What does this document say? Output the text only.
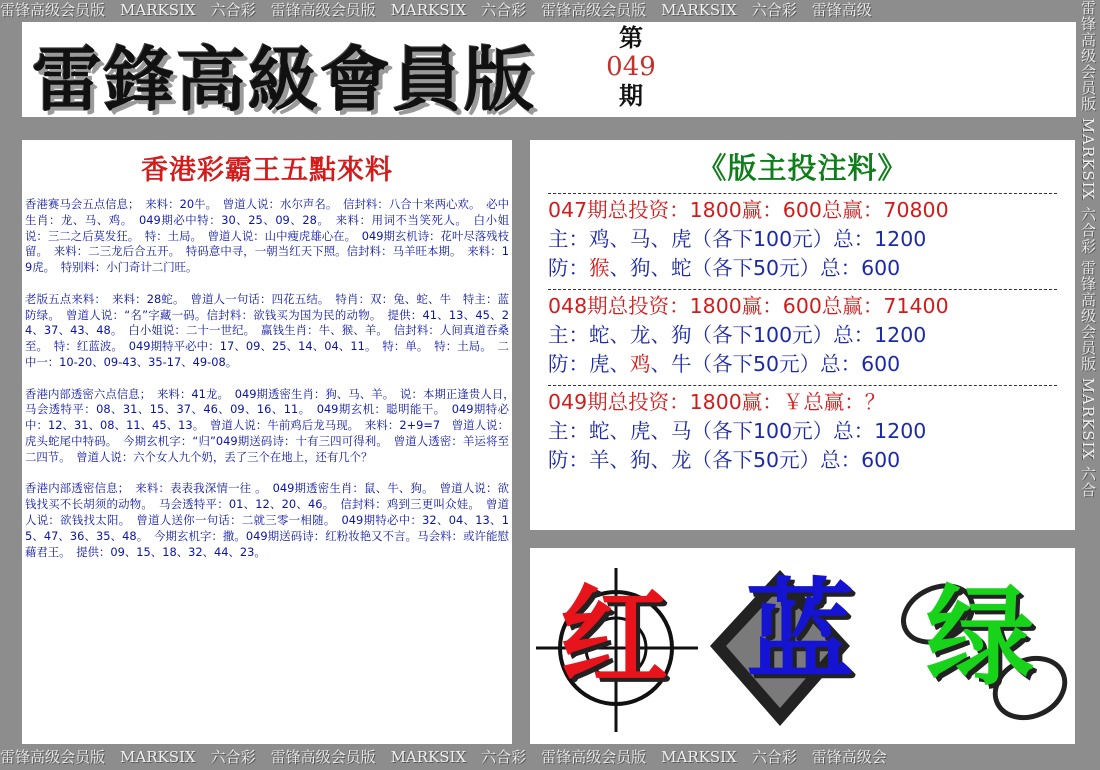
雷锋高级会员版　MARKSIX　六合彩　雷锋高级会员版　MARKSIX　六合彩　雷锋高级会员版　MARKSIX　六合彩　雷锋高级
雷锋高级会员版　MARKSIX　六合彩　雷锋高级会员版　MARKSIX　六合彩　雷锋高级会员版　MARKSIX　六合彩　雷锋高级会
雷锋高级会员版 MARKSIX 六合彩 雷锋高级会员版 MARKSIX 六合
雷鋒高級會員版
第
049
期
香港彩霸王五點來料

香港赛马会五点信息；　来料：20牛。　曾道人说：水尔声名。　信封料：八合十来两心欢。　必中生肖：龙、马、鸡。　049期必中特：30、25、09、28。　来料：用词不当笑死人。　白小姐说：三二之后莫发狂。　特：土局。　曾道人说：山中瘦虎雄心在。　049期玄机诗：花叶尽落残枝留。　来料：二三龙后合五开。　特码意中寻，一朝当红天下照。信封料：马羊旺本期。　来料：19虎。　特别料：小门奇计二门旺。

老版五点来料：　来料：28蛇。　曾道人一句话：四花五结。　特肖：双：兔、蛇、牛　特主：蓝防绿。　曾道人说：“名”字藏一码。信封料：欲钱买为国为民的动物。　提供：41、13、45、24、37、43、48。　白小姐说：二十一世纪。　赢钱生肖：牛、猴、羊。　信封料：人间真道吞桑至。　特：红蓝波。　049期特平必中：17、09、25、14、04、11。　特：单。　特：土局。　二中一：10-20、09-43、35-17、49-08。

香港内部透密六点信息；　来料：41龙。　049期透密生肖：狗、马、羊。　说：本期正逢贵人日，　马会透特平：08、31、15、37、46、09、16、11。　049期玄机：聪明能干。　049期特必中：12、31、08、11、45、13。　曾道人说：牛前鸡后龙马现。　来料：2+9=7　曾道人说：虎头蛇尾中特码。　今期玄机字：“归”049期送码诗：十有三四可得利。　曾道人透密：羊运将至二四节。　曾道人说：六个女人九个奶，丢了三个在地上，还有几个？

香港内部透密信息；　来料：表表我深情一往 。　049期透密生肖：鼠、牛、狗。　曾道人说：欲钱找买不长胡须的动物。　马会透特平：01、12、20、46。　信封料：鸡到三更叫众娃。　曾道人说：欲钱找太阳。　曾道人送你一句话：二就三零一相随。　049期特必中：32、04、13、15、47、36、35、48。　今期玄机字：撒。049期送码诗：红粉妆艳又不言。马会料：或许能慰藉君王。　提供：09、15、18、32、44、23。

《版主投注料》
047期总投资：1800赢：600总赢：70800
主：鸡、马、虎（各下100元）总：1200
防：猴、狗、蛇（各下50元）总：600
048期总投资：1800赢：600总赢：71400
主：蛇、龙、狗（各下100元）总：1200
防：虎、鸡、牛（各下50元）总：600
049期总投资：1800赢：￥总赢：？
主：蛇、虎、马（各下100元）总：1200
防：羊、狗、龙（各下50元）总：600
红 蓝 绿
